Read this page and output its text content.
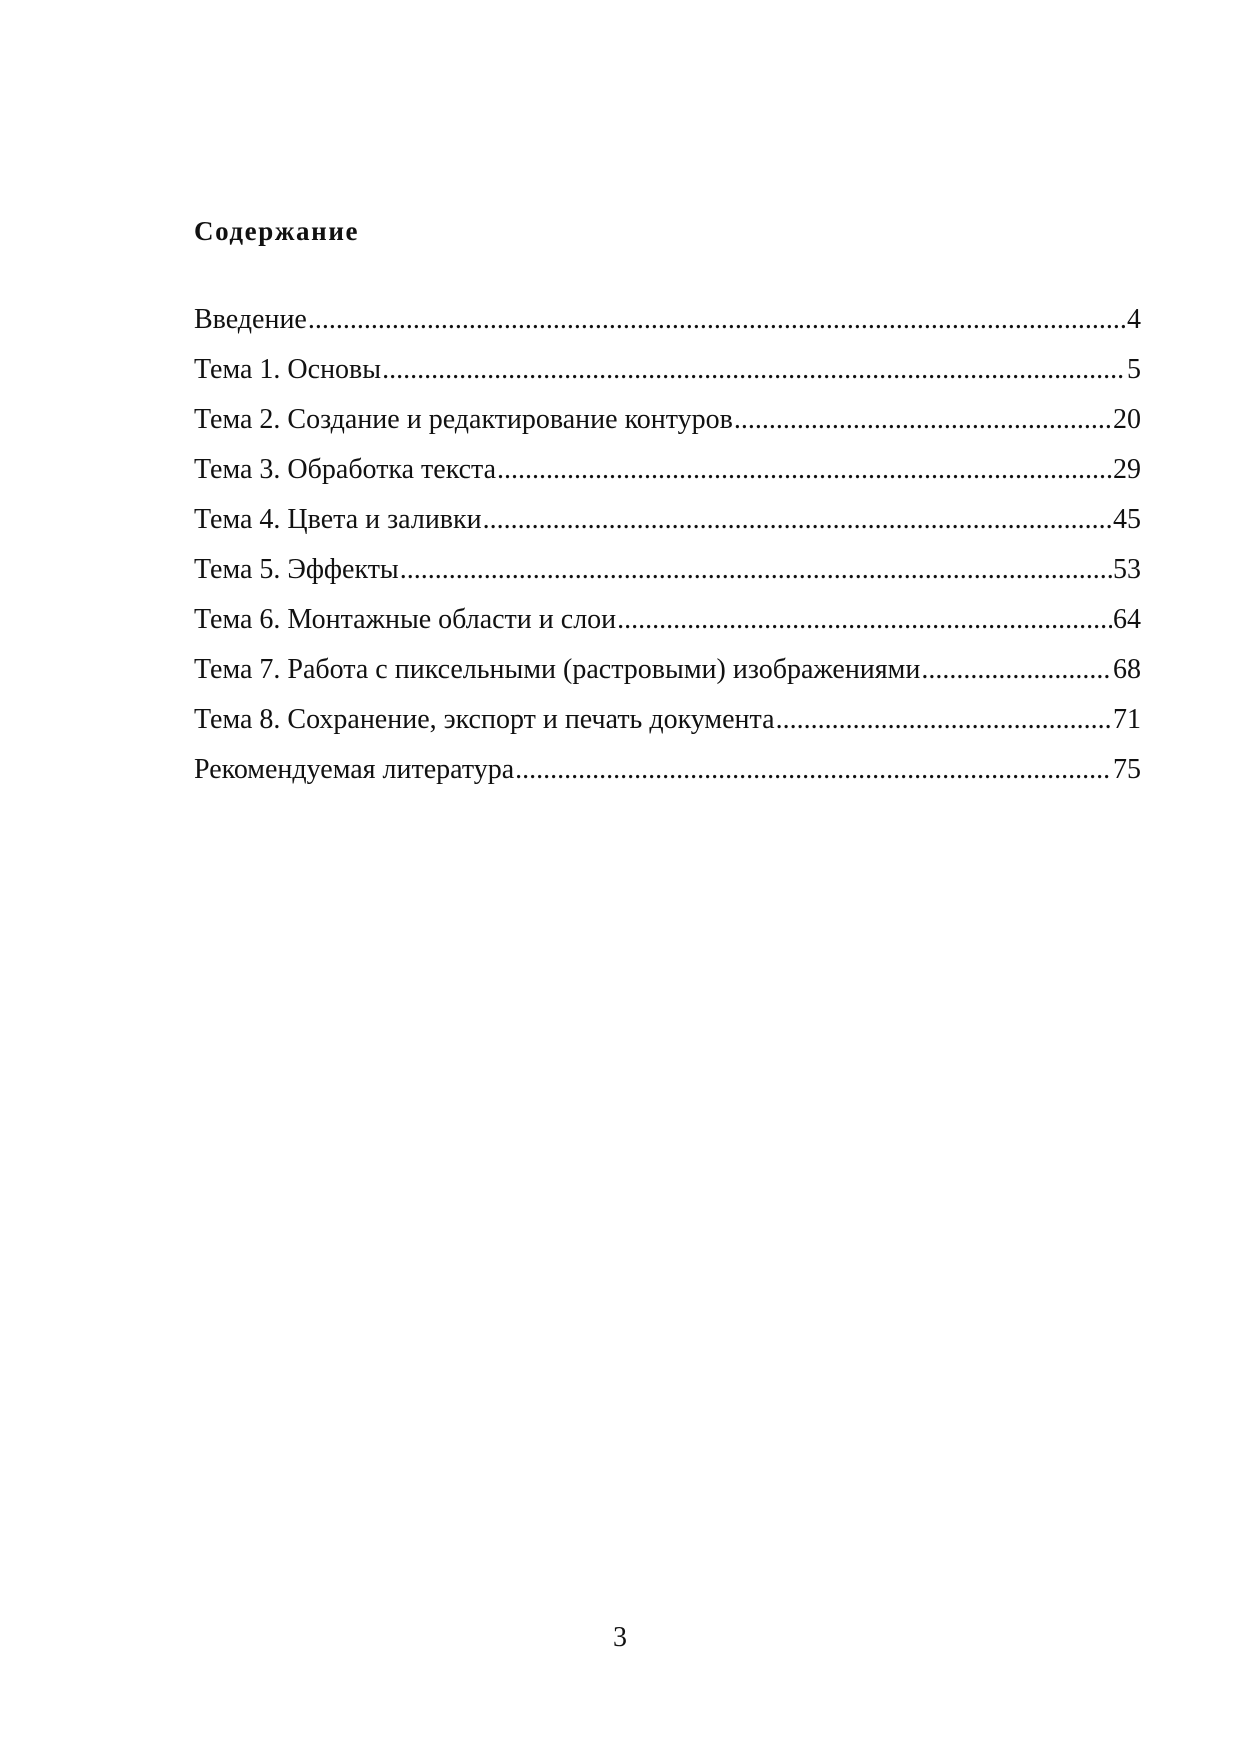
Содержание
Введение .....	4
Тема 1. Основы .....	5
Тема 2. Создание и редактирование контуров .....	20
Тема 3. Обработка текста .....	29
Тема 4. Цвета и заливки .....	45
Тема 5. Эффекты .....	53
Тема 6. Монтажные области и слои .....	64
Тема 7. Работа с пиксельными (растровыми) изображениями .....	68
Тема 8. Сохранение, экспорт и печать документа .....	71
Рекомендуемая литература .....	75

3
